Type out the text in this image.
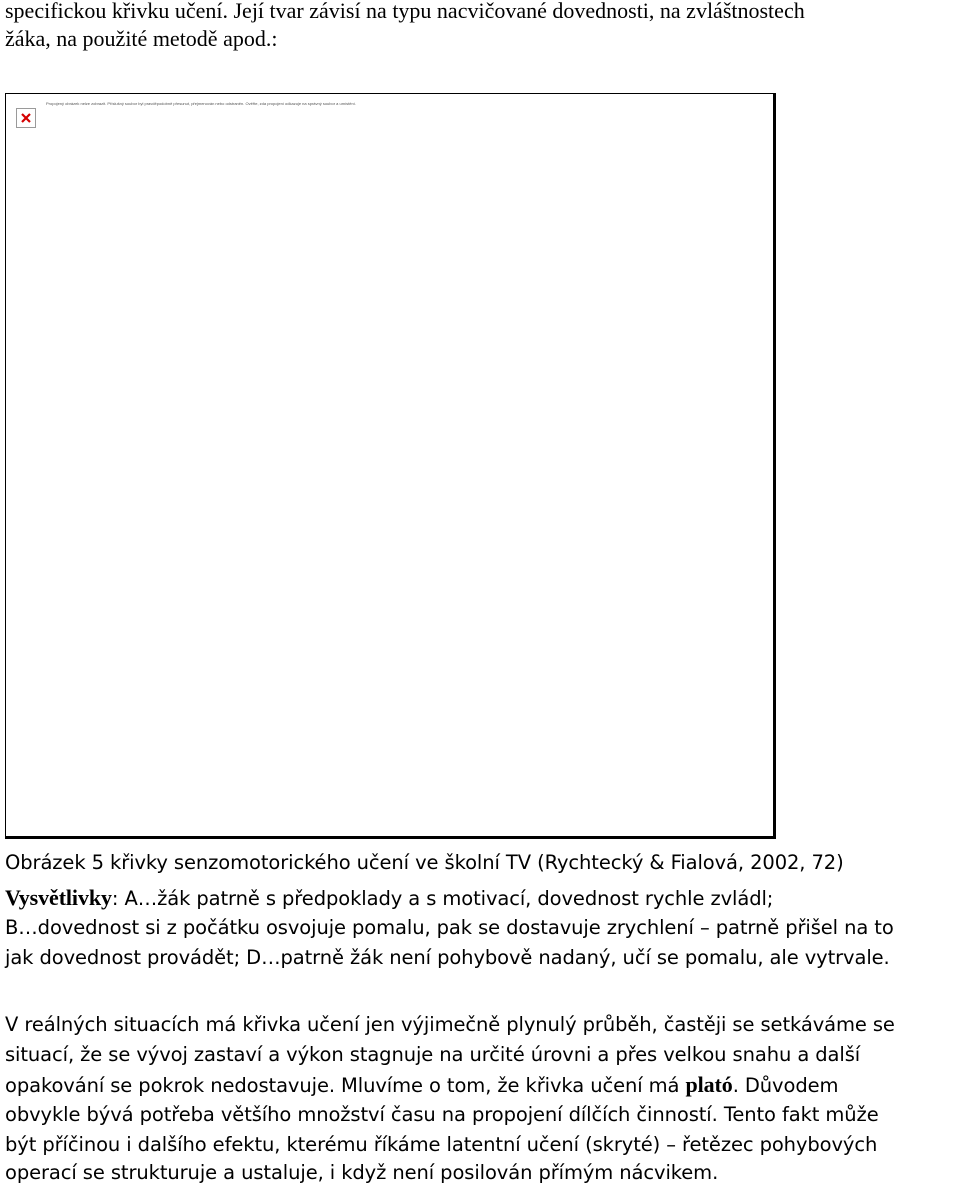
specifickou křivku učení. Její tvar závisí na typu nacvičované dovednosti, na zvláštnostech
žáka, na použité metodě apod.:
Propojený obrázek nelze zobrazit. Příslušný soubor byl pravděpodobně přesunut, přejmenován nebo odstraněn. Ověřte, zda propojení odkazuje na správný soubor a umístění.
Obrázek 5 křivky senzomotorického učení ve školní TV (Rychtecký & Fialová, 2002, 72)
Vysvětlivky: A…žák patrně s předpoklady a s motivací, dovednost rychle zvládl;
B…dovednost si z počátku osvojuje pomalu, pak se dostavuje zrychlení – patrně přišel na to
jak dovednost provádět; D…patrně žák není pohybově nadaný, učí se pomalu, ale vytrvale.
V reálných situacích má křivka učení jen výjimečně plynulý průběh, častěji se setkáváme se
situací, že se vývoj zastaví a výkon stagnuje na určité úrovni a přes velkou snahu a další
opakování se pokrok nedostavuje. Mluvíme o tom, že křivka učení má plató. Důvodem
obvykle bývá potřeba většího množství času na propojení dílčích činností. Tento fakt může
být příčinou i dalšího efektu, kterému říkáme latentní učení (skryté) – řetězec pohybových
operací se strukturuje a ustaluje, i když není posilován přímým nácvikem.
